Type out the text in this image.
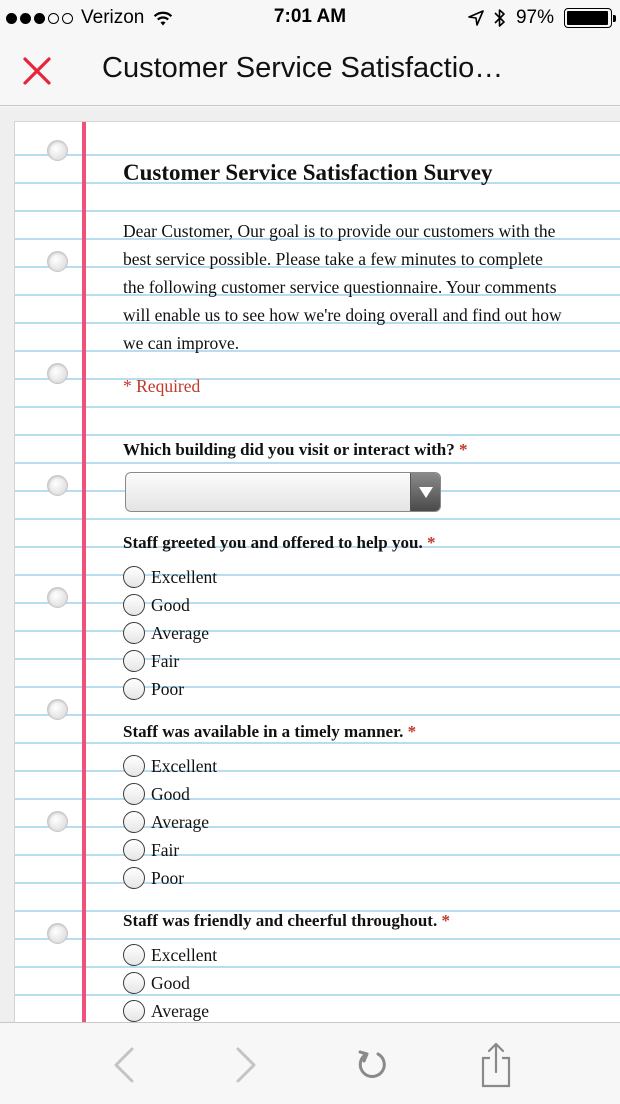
Verizon	7:01 AM	97%
Customer Service Satisfactio…
Customer Service Satisfaction Survey
Dear Customer, Our goal is to provide our customers with the best service possible. Please take a few minutes to complete the following customer service questionnaire. Your comments will enable us to see how we're doing overall and find out how we can improve.
* Required
Which building did you visit or interact with? *
Staff greeted you and offered to help you. *
Excellent
Good
Average
Fair
Poor
Staff was available in a timely manner. *
Excellent
Good
Average
Fair
Poor
Staff was friendly and cheerful throughout. *
Excellent
Good
Average
